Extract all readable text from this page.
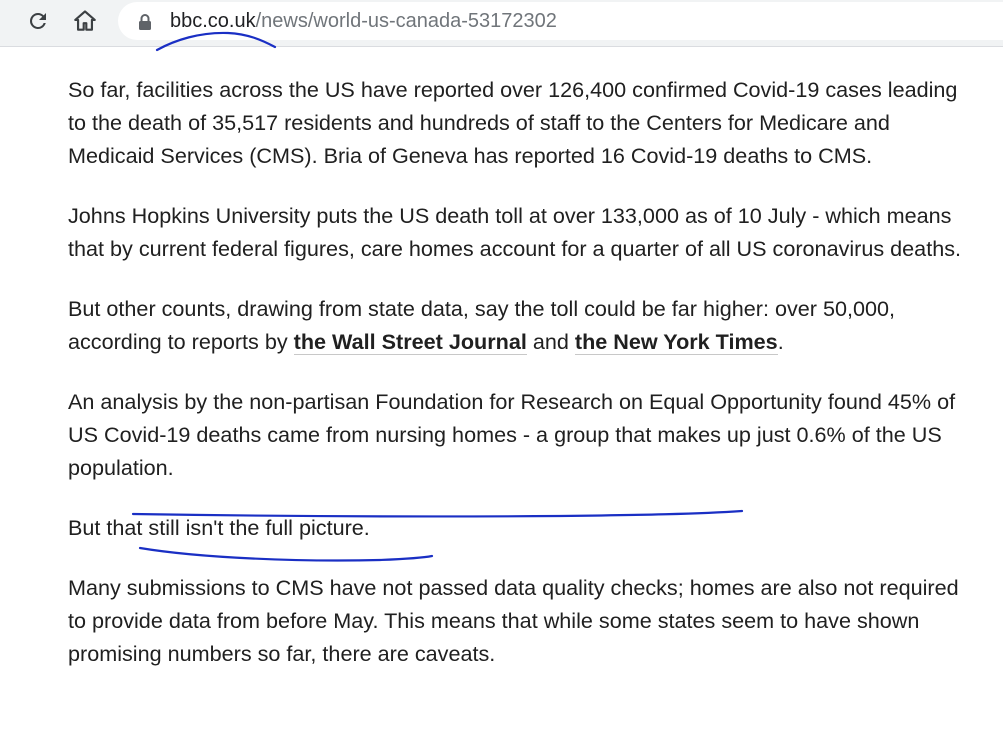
bbc.co.uk/news/world-us-canada-53172302

So far, facilities across the US have reported over 126,400 confirmed Covid-19 cases leading to the death of 35,517 residents and hundreds of staff to the Centers for Medicare and Medicaid Services (CMS). Bria of Geneva has reported 16 Covid-19 deaths to CMS.

Johns Hopkins University puts the US death toll at over 133,000 as of 10 July - which means that by current federal figures, care homes account for a quarter of all US coronavirus deaths.

But other counts, drawing from state data, say the toll could be far higher: over 50,000, according to reports by the Wall Street Journal and the New York Times.

An analysis by the non-partisan Foundation for Research on Equal Opportunity found 45% of US Covid-19 deaths came from nursing homes - a group that makes up just 0.6% of the US population.

But that still isn't the full picture.

Many submissions to CMS have not passed data quality checks; homes are also not required to provide data from before May. This means that while some states seem to have shown promising numbers so far, there are caveats.
